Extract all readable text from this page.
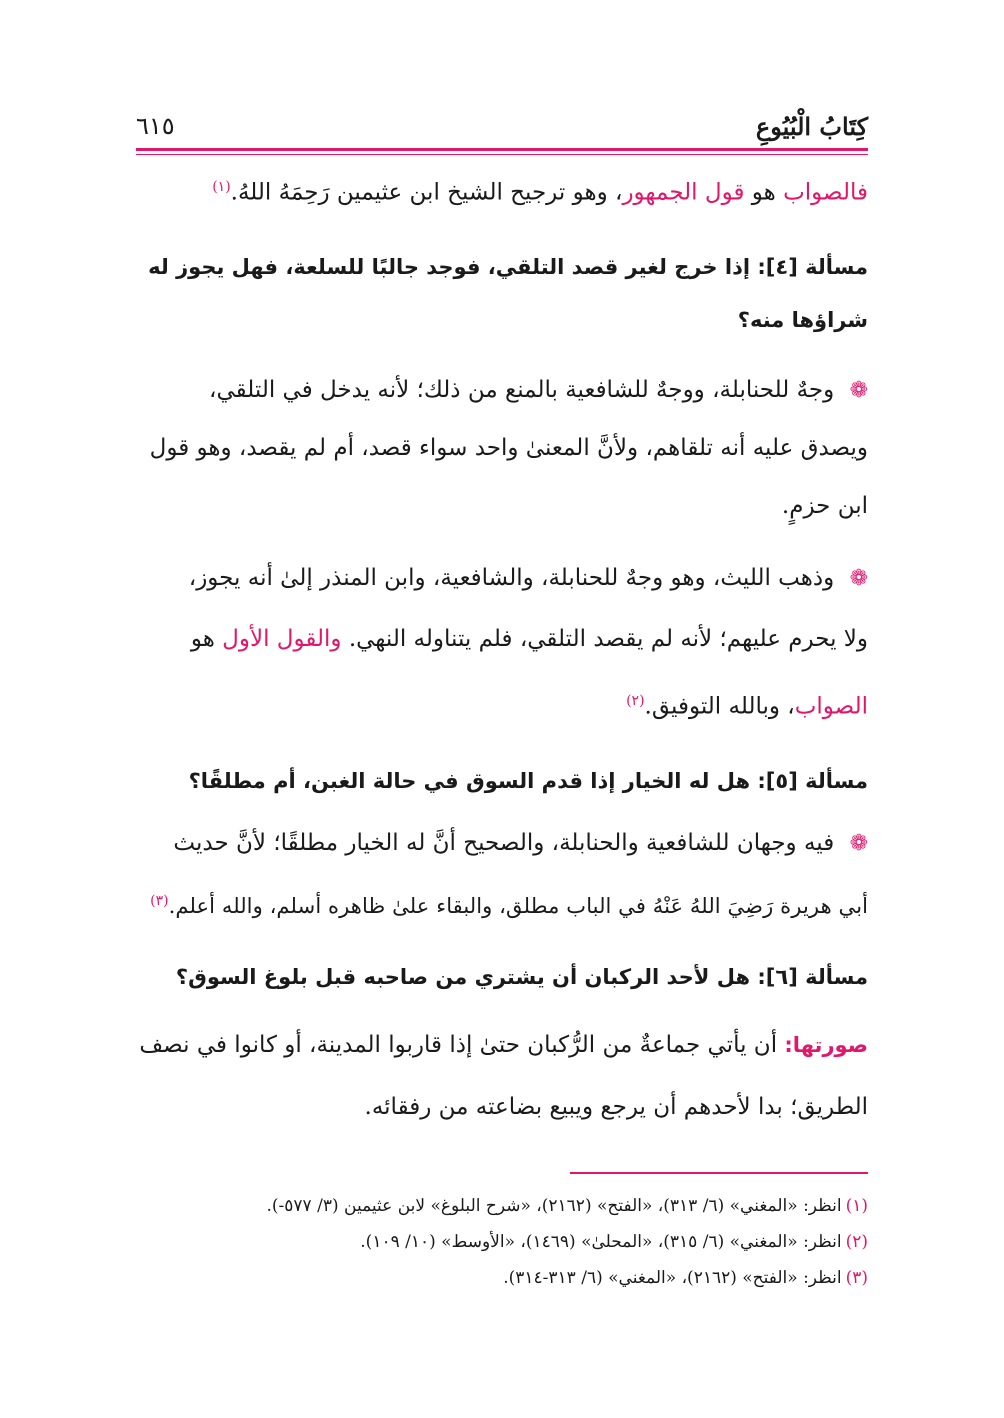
كِتَابُ الْبُيُوعِ
٦١٥
فالصواب هو قول الجمهور، وهو ترجيح الشيخ ابن عثيمين رَحِمَهُ اللهُ.$^{(١)}$
مسألة [٤]: إذا خرج لغير قصد التلقي، فوجد جالبًا للسلعة، فهل يجوز له
شراؤها منه؟
❁ وجهٌ للحنابلة، ووجهٌ للشافعية بالمنع من ذلك؛ لأنه يدخل في التلقي،
ويصدق عليه أنه تلقاهم، ولأنَّ المعنىٰ واحد سواء قصد، أم لم يقصد، وهو قول
ابن حزمٍ.
❁ وذهب الليث، وهو وجهٌ للحنابلة، والشافعية، وابن المنذر إلىٰ أنه يجوز،
ولا يحرم عليهم؛ لأنه لم يقصد التلقي، فلم يتناوله النهي. والقول الأول هو
الصواب، وبالله التوفيق.$^{(٢)}$
مسألة [٥]: هل له الخيار إذا قدم السوق في حالة الغبن، أم مطلقًا؟
❁ فيه وجهان للشافعية والحنابلة، والصحيح أنَّ له الخيار مطلقًا؛ لأنَّ حديث
أبي هريرة رَضِيَ اللهُ عَنْهُ في الباب مطلق، والبقاء علىٰ ظاهره أسلم، والله أعلم.$^{(٣)}$
مسألة [٦]: هل لأحد الركبان أن يشتري من صاحبه قبل بلوغ السوق؟
صورتها: أن يأتي جماعةٌ من الرُّكبان حتىٰ إذا قاربوا المدينة، أو كانوا في نصف
الطريق؛ بدا لأحدهم أن يرجع ويبيع بضاعته من رفقائه.
(١)انظر: «المغني» (٦/ ٣١٣)، «الفتح» (٢١٦٢)، «شرح البلوغ» لابن عثيمين (٣/ ٥٧٧-).
(٢)انظر: «المغني» (٦/ ٣١٥)، «المحلىٰ» (١٤٦٩)، «الأوسط» (١٠/ ١٠٩).
(٣)انظر: «الفتح» (٢١٦٢)، «المغني» (٦/ ٣١٣-٣١٤).
